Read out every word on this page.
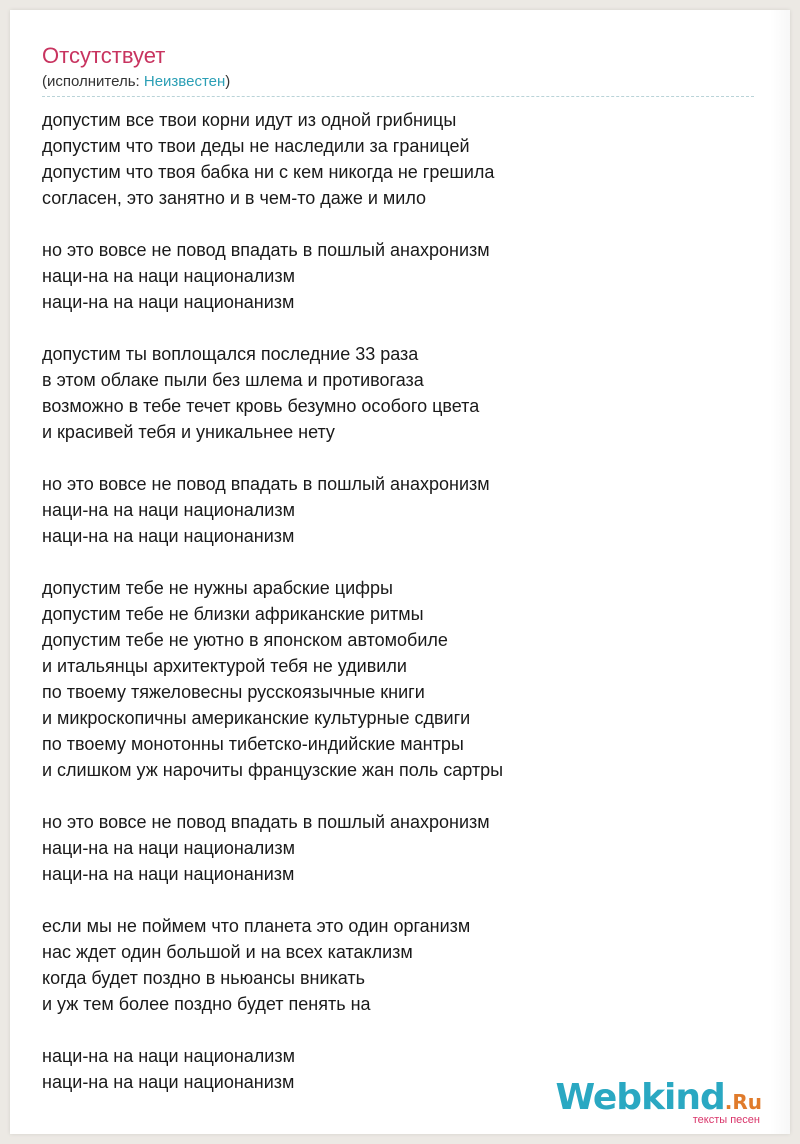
Отсутствует
(исполнитель: Неизвестен)
допустим все твои корни идут из одной грибницы
допустим что твои деды не наследили за границей
допустим что твоя бабка ни с кем никогда не грешила
согласен, это занятно и в чем-то даже и мило
но это вовсе не повод впадать в пошлый анахронизм
наци-на на наци национализм
наци-на на наци национанизм
допустим ты воплощался последние 33 раза
в этом облаке пыли без шлема и противогаза
возможно в тебе течет кровь безумно особого цвета
и красивей тебя и уникальнее нету
но это вовсе не повод впадать в пошлый анахронизм
наци-на на наци национализм
наци-на на наци национанизм
допустим тебе не нужны арабские цифры
допустим тебе не близки африканские ритмы
допустим тебе не уютно в японском автомобиле
и итальянцы архитектурой тебя не удивили
по твоему тяжеловесны русскоязычные книги
и микроскопичны американские культурные сдвиги
по твоему монотонны тибетско-индийские мантры
и слишком уж нарочиты французские жан поль сартры
но это вовсе не повод впадать в пошлый анахронизм
наци-на на наци национализм
наци-на на наци национанизм
если мы не поймем что планета это один организм
нас ждет один большой и на всех катаклизм
когда будет поздно в ньюансы вникать
и уж тем более поздно будет пенять на
наци-на на наци национализм
наци-на на наци национанизм	Webkind.Ru
тексты песен
